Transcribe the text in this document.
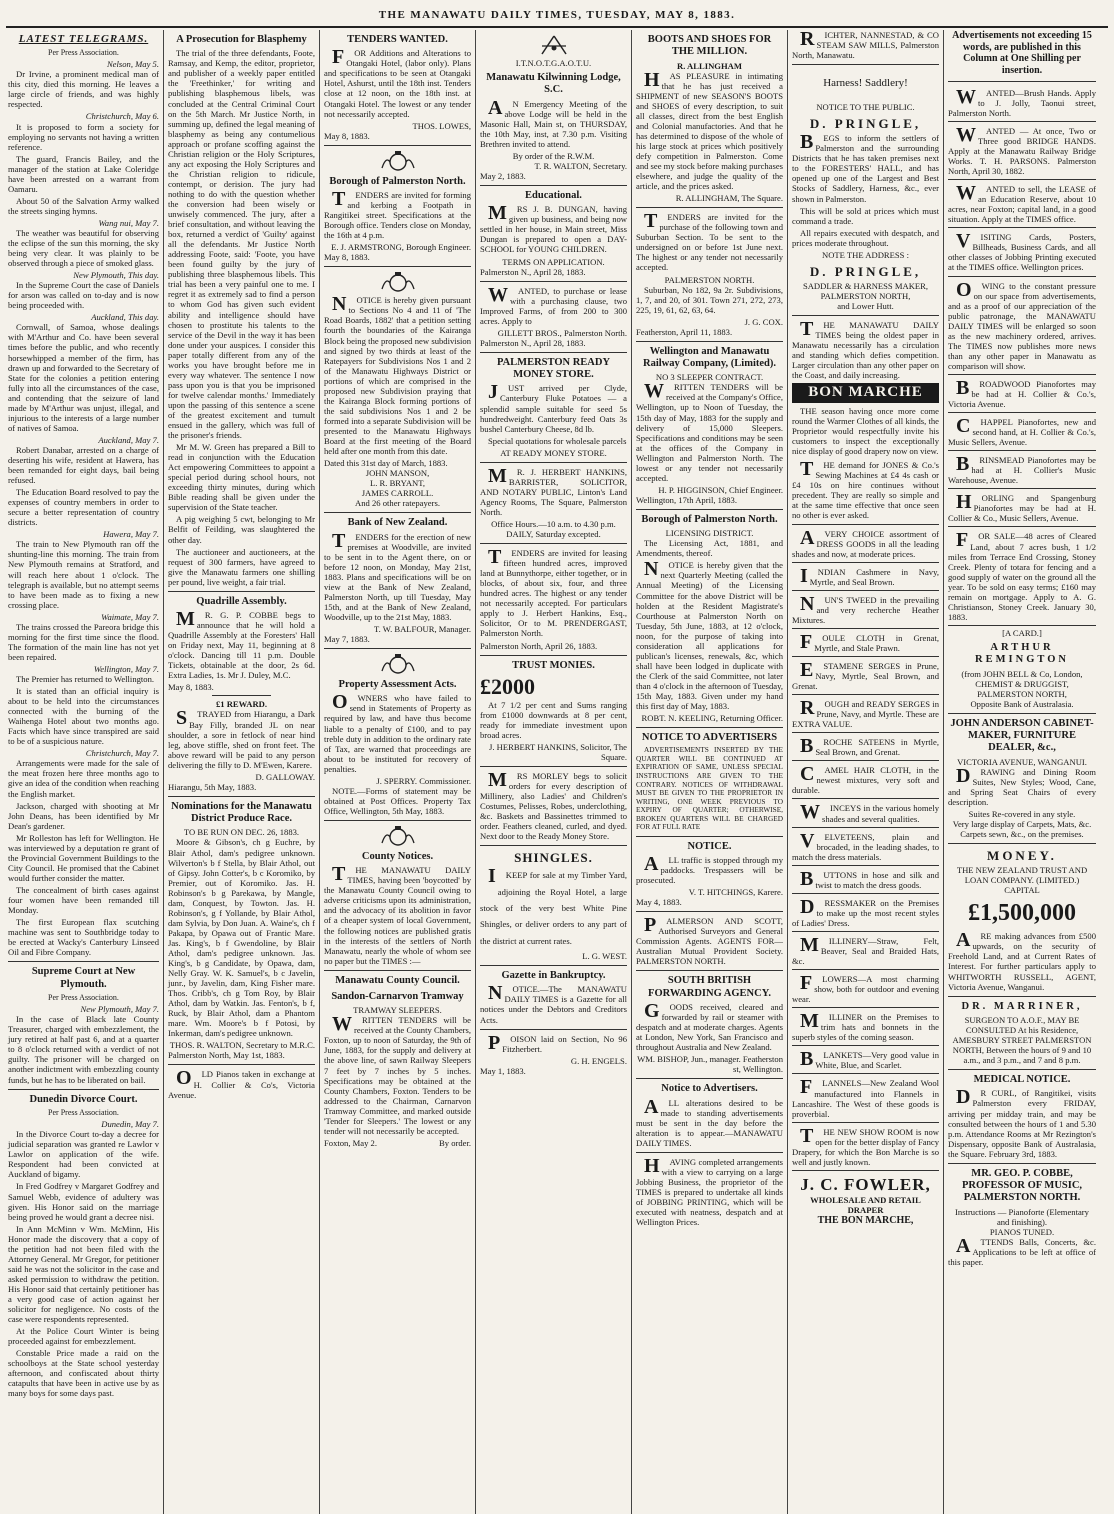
THE MANAWATU DAILY TIMES, TUESDAY, MAY 8, 1883.
LATEST TELEGRAMS.
Per Press Association.
Nelson, May 5.

Dr Irvine, a prominent medical man of this city, died this morning. He leaves a large circle of friends, and was highly respected.

Christchurch, May 6.

It is proposed to form a society for employing no servants not having a written reference.

The guard, Francis Bailey, and the manager of the station at Lake Coleridge have been arrested on a warrant from Oamaru.

About 50 of the Salvation Army walked the streets singing hymns.

Wang nui, May 7.

The weather was beautiful for observing the eclipse of the sun this morning, the sky being very clear. It was plainly to be observed through a piece of smoked glass.

New Plymouth, This day.

In the Supreme Court the case of Daniels for arson was called on to-day and is now being proceeded with.

Auckland, This day.

Cornwall, of Samoa, whose dealings with M'Arthur and Co. have been several times before the public, and who recently horsewhipped a member of the firm, has drawn up and forwarded to the Secretary of State for the colonies a petition entering fully into all the circumstances of the case, and contending that the seizure of land made by M'Arthur was unjust, illegal, and injurious to the interests of a large number of natives of Samoa.

Auckland, May 7.

Robert Danabar, arrested on a charge of deserting his wife, resident at Hawera, has been remanded for eight days, bail being refused.

The Education Board resolved to pay the expenses of country members in order to secure a better representation of country districts.

Hawera, May 7.

The train to New Plymouth ran off the shunting-line this morning. The train from New Plymouth remains at Stratford, and will reach here about 1 o'clock. The telegraph is available, but no attempt seems to have been made as to fixing a new crossing place.

Waimate, May 7.

The trains crossed the Pareora bridge this morning for the first time since the flood. The formation of the main line has not yet been repaired.

Wellington, May 7.

The Premier has returned to Wellington.

It is stated than an official inquiry is about to be held into the circumstances connected with the burning of the Waihenga Hotel about two months ago. Facts which have since transpired are said to be of a suspicious nature.

Christchurch, May 7.

Arrangements were made for the sale of the meat frozen here three months ago to give an idea of the condition when reaching the English market.

Jackson, charged with shooting at Mr John Deans, has been identified by Mr Dean's gardener.

Mr Rolleston has left for Wellington. He was interviewed by a deputation re grant of the Provincial Government Buildings to the City Council. He promised that the Cabinet would further consider the matter.

The concealment of birth cases against four women have been remanded till Monday.

The first European flax scutching machine was sent to Southbridge today to be erected at Wacky's Canterbury Linseed Oil and Fibre Company.

Supreme Court at New Plymouth.
Per Press Association.
New Plymouth, May 7.

In the case of Black late County Treasurer, charged with embezzlement, the jury retired at half past 6, and at a quarter to 8 o'clock returned with a verdict of not guilty. The prisoner will be charged on another indictment with embezzling county funds, but he has to be liberated on bail.

Dunedin Divorce Court.
Per Press Association.
Dunedin, May 7.

In the Divorce Court to-day a decree for judicial separation was granted re Lawlor v Lawlor on application of the wife. Respondent had been convicted at Auckland of bigamy.

In Fred Godfrey v Margaret Godfrey and Samuel Webb, evidence of adultery was given. His Honor said on the marriage being proved he would grant a decree nisi.

In Ann McMinn v Wm. McMinn, His Honor made the discovery that a copy of the petition had not been filed with the Attorney General. Mr Gregor, for petitioner said he was not the solicitor in the case and asked permission to withdraw the petition. His Honor said that certainly petitioner has a very good case of action against her solicitor for negligence. No costs of the case were respondents represented.

At the Police Court Winter is being proceeded against for embezzlement.

Constable Price made a raid on the schoolboys at the State school yesterday afternoon, and confiscated about thirty catapults that have been in active use by as many boys for some days past.

A Prosecution for Blasphemy

The trial of the three defendants, Foote, Ramsay, and Kemp, the editor, proprietor, and publisher of a weekly paper entitled the 'Freethinker,' for writing and publishing blasphemous libels, was concluded at the Central Criminal Court on the 5th March. Mr Justice North, in summing up, defined the legal meaning of blasphemy as being any contumelious approach or profane scoffing against the Christian religion or the Holy Scriptures, any act exposing the Holy Scriptures and the Christian religion to ridicule, contempt, or derision. The jury had nothing to do with the question whether the conversion had been wisely or unwisely commenced. The jury, after a brief consultation, and without leaving the box, returned a verdict of 'Guilty' against all the defendants. Mr Justice North addressing Foote, said: 'Foote, you have been found guilty by the jury of publishing three blasphemous libels. This trial has been a very painful one to me. I regret it as extremely sad to find a person to whom God has given such evident ability and intelligence should have chosen to prostitute his talents to the service of the Devil in the way it has been done under your auspices. I consider this paper totally different from any of the works you have brought before me in every way whatever. The sentence I now pass upon you is that you be imprisoned for twelve calendar months.' Immediately upon the passing of this sentence a scene of the greatest excitement and tumult ensued in the gallery, which was full of the prisoner's friends.

Mr M. W. Green has prepared a Bill to read in conjunction with the Education Act empowering Committees to appoint a special period during school hours, not exceeding thirty minutes, during which Bible reading shall be given under the supervision of the State teacher.

A pig weighing 5 cwt, belonging to Mr Belfit of Feilding, was slaughtered the other day.

The auctioneer and auctioneers, at the request of 300 farmers, have agreed to give the Manawatu farmers one shilling per pound, live weight, a fair trial.

Quadrille Assembly.

MR. G. P. COBBE begs to announce that he will hold a Quadrille Assembly at the Foresters' Hall on Friday next, May 11, beginning at 8 o'clock. Dancing till 11 p.m. Double Tickets, obtainable at the door, 2s 6d. Extra Ladies, 1s. Mr J. Duley, M.C.

May 8, 1883.
£1 REWARD.

STRAYED from Hiarangu, a Dark Bay Filly, branded JL on near shoulder, a sore in fetlock of near hind leg, above stiffle, shed on front feet. The above reward will be paid to any person delivering the filly to D. M'Ewen, Karere.

D. GALLOWAY.
Hiarangu, 5th May, 1883.
Nominations for the Manawatu District Produce Race.
TO BE RUN ON DEC. 26, 1883.

Moore & Gibson's, ch g Euchre, by Blair Athol, dam's pedigree unknown. Wilverton's b f Stella, by Blair Athol, out of Gipsy. John Cotter's, b c Koromiko, by Premier, out of Koromiko. Jas. H. Robinson's b g Parekawa, by Mangle, dam, Conquest, by Towton. Jas. H. Robinson's, g f Yollande, by Blair Athol, dam Sylvia, by Don Juan. A. Waine's, ch f Pakapa, by Opawa out of Frantic Mare. Jas. King's, b f Gwendoline, by Blair Athol, dam's pedigree unknown. Jas. King's, b g Candidate, by Opawa, dam, Nelly Gray. W. K. Samuel's, b c Javelin, junr., by Javelin, dam, King Fisher mare. Thos. Cribb's, ch g Tom Roy, by Blair Athol, dam by Watkin. Jas. Fenton's, b f, Ruck, by Blair Athol, dam a Phantom mare. Wm. Moore's b f Potosi, by Inkerman, dam's pedigree unknown.

THOS. R. WALTON, Secretary to M.R.C.
Palmerston North, May 1st, 1883.

OLD Pianos taken in exchange at H. Collier & Co's, Victoria Avenue.

TENDERS WANTED.

FOR Additions and Alterations to Otangaki Hotel, (labor only). Plans and specifications to be seen at Otangaki Hotel, Ashurst, until the 18th inst. Tenders close at 12 noon, on the 18th inst. at Otangaki Hotel. The lowest or any tender not necessarily accepted.

THOS. LOWES,
May 8, 1883.
Borough of Palmerston North.

TENDERS are invited for forming and kerbing a Footpath in Rangitikei street. Specifications at the Borough office. Tenders close on Monday, the 16th at 4 p.m.

E. J. ARMSTRONG, Borough Engineer.
May 8, 1883.

NOTICE is hereby given pursuant to Sections No 4 and 11 of 'The Road Boards, 1882' that a petition setting fourth the boundaries of the Kairanga Block being the proposed new subdivision and signed by two thirds at least of the Ratepayers for Subdivisions Nos 1 and 2 of the Manawatu Highways District or portions of which are comprised in the proposed new Subdivision praying that the Kairanga Block forming portions of the said subdivisions Nos 1 and 2 be formed into a separate Subdivision will be presented to the Manawatu Highways Board at the first meeting of the Board held after one month from this date.

Dated this 31st day of March, 1883.
JOHN MANSON,
L. R. BRYANT,
JAMES CARROLL.
And 26 other ratepayers.
Bank of New Zealand.

TENDERS for the erection of new premises at Woodville, are invited to be sent in to the Agent there, on or before 12 noon, on Monday, May 21st, 1883. Plans and specifications will be on view at the Bank of New Zealand, Palmerston North, up till Tuesday, May 15th, and at the Bank of New Zealand, Woodville, up to the 21st May, 1883.

T. W. BALFOUR, Manager.
May 7, 1883.
Property Assessment Acts.

OWNERS who have failed to send in Statements of Property as required by law, and have thus become liable to a penalty of £100, and to pay treble duty in addition to the ordinary rate of Tax, are warned that proceedings are about to be instituted for recovery of penalties.

J. SPERRY. Commissioner.

NOTE.—Forms of statement may be obtained at Post Offices. Property Tax Office, Wellington, 5th May, 1883.

County Notices.

THE MANAWATU DAILY TIMES, having been 'boycotted' by the Manawatu County Council owing to adverse criticisms upon its administration, and the advocacy of its abolition in favor of a cheaper system of local Government, the following notices are published gratis in the interests of the settlers of North Manawatu, nearly the whole of whom see no paper but the TIMES :—

Manawatu County Council.
Sandon-Carnarvon Tramway
TRAMWAY SLEEPERS.

WRITTEN TENDERS will be received at the County Chambers, Foxton, up to noon of Saturday, the 9th of June, 1883, for the supply and delivery at the above line, of sawn Railway Sleepers 7 feet by 7 inches by 5 inches. Specifications may be obtained at the County Chambers, Foxton. Tenders to be addressed to the Chairman, Carnarvon Tramway Committee, and marked outside 'Tender for Sleepers.' The lowest or any tender will not necessarily be accepted.

Foxton, May 2.	By order.
I.T.N.O.T.G.A.O.T.U.
Manawatu Kilwinning Lodge, S.C.

AN Emergency Meeting of the above Lodge will be held in the Masonic Hall, Main st, on THURSDAY, the 10th May, inst, at 7.30 p.m. Visiting Brethren invited to attend.

By order of the R.W.M.
T. R. WALTON, Secretary.
May 2, 1883.
Educational.

MRS J. B. DUNGAN, having given up business, and being now settled in her house, in Main street, Miss Dungan is prepared to open a DAY-SCHOOL for YOUNG CHILDREN.

TERMS ON APPLICATION.
Palmerston N., April 28, 1883.

WANTED, to purchase or lease with a purchasing clause, two Improved Farms, of from 200 to 300 acres. Apply to

GILLETT BROS., Palmerston North.
Palmerston N., April 28, 1883.
PALMERSTON READY MONEY STORE.

JUST arrived per Clyde, Canterbury Fluke Potatoes — a splendid sample suitable for seed 5s hundredweight. Canterbury feed Oats 3s bushel Canterbury Cheese, 8d lb.

Special quotations for wholesale parcels

AT READY MONEY STORE.

MR. J. HERBERT HANKINS, BARRISTER, SOLICITOR, AND NOTARY PUBLIC, Linton's Land Agency Rooms, The Square, Palmerston North.

Office Hours.—10 a.m. to 4.30 p.m. DAILY, Saturday excepted.

TENDERS are invited for leasing fifteen hundred acres, improved land at Bunnythorpe, either together, or in blocks, of about six, four, and three hundred acres. The highest or any tender not necessarily accepted. For particulars apply to J. Herbert Hankins, Esq., Solicitor, Or to M. PRENDERGAST, Palmerston North.

Palmerston North, April 26, 1883.
TRUST MONIES.
£2000

At 7 1/2 per cent and Sums ranging from £1000 downwards at 8 per cent, ready for immediate investment upon broad acres.

J. HERBERT HANKINS, Solicitor, The Square.

MRS MORLEY begs to solicit orders for every description of Millinery, also Ladies' and Children's Costumes, Pelisses, Robes, underclothing, &c. Baskets and Bassinettes trimmed to order. Feathers cleaned, curled, and dyed. Next door to the Ready Money Store.

SHINGLES.

IKEEP for sale at my Timber Yard, adjoining the Royal Hotel, a large stock of the very best White Pine Shingles, or deliver orders to any part of the district at current rates.

L. G. WEST.
Gazette in Bankruptcy.

NOTICE.—The MANAWATU DAILY TIMES is a Gazette for all notices under the Debtors and Creditors Acts.

POISON laid on Section, No 96 Fitzherbert.

G. H. ENGELS.
May 1, 1883.
BOOTS AND SHOES FOR THE MILLION.
R. ALLINGHAM

HAS PLEASURE in intimating that he has just received a SHIPMENT of new SEASON'S BOOTS and SHOES of every description, to suit all classes, direct from the best English and Colonial manufactories. And that he has determined to dispose of the whole of his large stock at prices which positively defy competition in Palmerston. Come and see my stock before making purchases elsewhere, and judge the quality of the article, and the prices asked.

R. ALLINGHAM, The Square.

TENDERS are invited for the purchase of the following town and Suburban Section. To be sent to the undersigned on or before 1st June next. The highest or any tender not necessarily accepted.

PALMERSTON NORTH.

Suburban, No 182, 9a 2r. Subdivisions, 1, 7, and 20, of 301. Town 271, 272, 273, 225, 19, 61, 62, 63, 64.

J. G. COX.
Featherston, April 11, 1883.
Wellington and Manawatu Railway Company, (Limited).
NO 3 SLEEPER CONTRACT.

WRITTEN TENDERS will be received at the Company's Office, Wellington, up to Noon of Tuesday, the 15th day of May, 1883 for the supply and delivery of 15,000 Sleepers. Specifications and conditions may be seen at the offices of the Company in Wellington and Palmerston North. The lowest or any tender not necessarily accepted.

H. P. HIGGINSON, Chief Engineer.
Wellington, 17th April, 1883.
Borough of Palmerston North.
LICENSING DISTRICT.

The Licensing Act, 1881, and Amendments, thereof.

NOTICE is hereby given that the next Quarterly Meeting (called the Annual Meeting) of the Licensing Committee for the above District will be holden at the Resident Magistrate's Courthouse at Palmerston North on Tuesday, 5th June, 1883, at 12 o'clock, noon, for the purpose of taking into consideration all applications for publican's licenses, renewals, &c, which shall have been lodged in duplicate with the Clerk of the said Committee, not later than 4 o'clock in the afternoon of Tuesday, 15th May, 1883. Given under my hand this first day of May, 1883.

ROBT. N. KEELING, Returning Officer.
NOTICE TO ADVERTISERS

ADVERTISEMENTS INSERTED BY THE QUARTER WILL BE CONTINUED AT EXPIRATION OF SAME, UNLESS SPECIAL INSTRUCTIONS ARE GIVEN TO THE CONTRARY. NOTICES OF WITHDRAWAL MUST BE GIVEN TO THE PROPRIETOR IN WRITING, ONE WEEK PREVIOUS TO EXPIRY OF QUARTER; OTHERWISE, BROKEN QUARTERS WILL BE CHARGED FOR AT FULL RATE

NOTICE.

ALL traffic is stopped through my paddocks. Trespassers will be prosecuted.

V. T. HITCHINGS, Karere.
May 4, 1883.

PALMERSON AND SCOTT, Authorised Surveyors and General Commission Agents. AGENTS FOR—Australian Mutual Provident Society. PALMERSTON NORTH.

SOUTH BRITISH FORWARDING AGENCY.

GOODS received, cleared and forwarded by rail or steamer with despatch and at moderate charges. Agents at London, New York, San Francisco and throughout Australia and New Zealand.

WM. BISHOP, Jun., manager. Featherston st, Wellington.
Notice to Advertisers.

ALL alterations desired to be made to standing advertisements must be sent in the day before the alteration is to appear.—MANAWATU DAILY TIMES.

HAVING completed arrangements with a view to carrying on a large Jobbing Business, the proprietor of the TIMES is prepared to undertake all kinds of JOBBING PRINTING, which will be executed with neatness, despatch and at Wellington Prices.

RICHTER, NANNESTAD, & CO STEAM SAW MILLS, Palmerston North, Manawatu.

Harness! Saddlery!
NOTICE TO THE PUBLIC.
D. PRINGLE,

BEGS to inform the settlers of Palmerston and the surrounding Districts that he has taken premises next to the FORESTERS' HALL, and has opened up one of the Largest and Best Stocks of Saddlery, Harness, &c., ever shown in Palmerston.

This will be sold at prices which must command a trade.

All repairs executed with despatch, and prices moderate throughout.

NOTE THE ADDRESS :
D. PRINGLE,
SADDLER & HARNESS MAKER,
PALMERSTON NORTH,
and Lower Hutt.

THE MANAWATU DAILY TIMES being the oldest paper in Manawatu necessarily has a circulation and standing which defies competition. Larger circulation than any other paper on the Coast, and daily increasing.

BON MARCHE

THE season having once more come round the Warmer Clothes of all kinds, the Proprietor would respectfully invite his customers to inspect the exceptionally nice display of good drapery now on view.

THE demand for JONES & Co.'s Sewing Machines at £4 4s cash or £4 10s on hire continues without precedent. They are really so simple and at the same time effective that once seen no other is ever asked.

AVERY CHOICE assortment of DRESS GOODS in all the leading shades and now, at moderate prices.

INDIAN Cashmere in Navy, Myrtle, and Seal Brown.

NUN'S TWEED in the prevailing and very recherche Heather Mixtures.

FOULE CLOTH in Grenat, Myrtle, and Stale Prawn.

ESTAMENE SERGES in Prune, Navy, Myrtle, Seal Brown, and Grenat.

ROUGH and READY SERGES in Prune, Navy, and Myrtle. These are EXTRA VALUE.

BROCHE SATEENS in Myrtle, Seal Brown, and Grenat.

CAMEL HAIR CLOTH, in the newest mixtures, very soft and durable.

WINCEYS in the various homely shades and several qualities.

VELVETEENS, plain and brocaded, in the leading shades, to match the dress materials.

BUTTONS in hose and silk and twist to match the dress goods.

DRESSMAKER on the Premises to make up the most recent styles of Ladies' Dress.

MILLINERY—Straw, Felt, Beaver, Seal and Braided Hats, &c.

FLOWERS—A most charming show, both for outdoor and evening wear.

MILLINER on the Premises to trim hats and bonnets in the superb styles of the coming season.

BLANKETS—Very good value in White, Blue, and Scarlet.

FLANNELS—New Zealand Wool manufactured into Flannels in Lancashire. The West of these goods is proverbial.

THE NEW SHOW ROOM is now open for the better display of Fancy Drapery, for which the Bon Marche is so well and justly known.

J. C. FOWLER,
WHOLESALE AND RETAIL DRAPER
THE BON MARCHE,
Advertisements not exceeding 15 words, are published in this Column at One Shilling per insertion.

WANTED—Brush Hands. Apply to J. Jolly, Taonui street, Palmerston North.

WANTED — At once, Two or Three good BRIDGE HANDS. Apply at the Manawatu Railway Bridge Works. T. H. PARSONS. Palmerston North, April 30, 1882.

WANTED to sell, the LEASE of an Education Reserve, about 10 acres, near Foxton; capital land, in a good situation. Apply at the TIMES office.

VISITING Cards, Posters, Billheads, Business Cards, and all other classes of Jobbing Printing executed at the TIMES office. Wellington prices.

OWING to the constant pressure on our space from advertisements, and as a proof of our appreciation of the public patronage, the MANAWATU DAILY TIMES will be enlarged so soon as the new machinery ordered, arrives. The TIMES now publishes more news than any other paper in Manawatu as comparison will show.

BROADWOOD Pianofortes may be had at H. Collier & Co.'s, Victoria Avenue.

CHAPPEL Pianofortes, new and second hand, at H. Collier & Co.'s, Music Sellers, Avenue.

BRINSMEAD Pianofortes may be had at H. Collier's Music Warehouse, Avenue.

HORLING and Spangenburg Pianofortes may be had at H. Collier & Co., Music Sellers, Avenue.

FOR SALE—48 acres of Cleared Land, about 7 acres bush, 1 1/2 miles from Terrace End Crossing, Stoney Creek. Plenty of totara for fencing and a good supply of water on the ground all the year. To be sold on easy terms; £160 may remain on mortgage. Apply to A. G. Christianson, Stoney Creek. January 30, 1883.

[A CARD.]
ARTHUR REMINGTON
(from JOHN BELL & Co, London, CHEMIST & DRUGGIST,
PALMERSTON NORTH,
Opposite Bank of Australasia.
JOHN ANDERSON CABINET-MAKER, FURNITURE DEALER, &c.,
VICTORIA AVENUE, WANGANUI.

DRAWING and Dining Room Suites, New Styles; Wood, Cane, and Spring Seat Chairs of every description.

Suites Re-covered in any style.
Very large display of Carpets, Mats, &c.
Carpets sewn, &c., on the premises.
MONEY.
THE NEW ZEALAND TRUST AND LOAN COMPANY. (LIMITED.)
CAPITAL
£1,500,000

ARE making advances from £500 upwards, on the security of Freehold Land, and at Current Rates of Interest. For further particulars apply to WHITWORTH RUSSELL, AGENT, Victoria Avenue, Wanganui.

DR. MARRINER,
SURGEON TO A.O.F., MAY BE CONSULTED At his Residence, AMESBURY STREET PALMERSTON NORTH, Between the hours of 9 and 10 a.m., and 3 p.m., and 7 and 8 p.m.
MEDICAL NOTICE.

DR CURL, of Rangitikei, visits Palmerston every FRIDAY, arriving per midday train, and may be consulted between the hours of 1 and 5.30 p.m. Attendance Rooms at Mr Rezington's Dispensary, opposite Bank of Australasia, the Square. February 3rd, 1883.

MR. GEO. P. COBBE, PROFESSOR OF MUSIC, PALMERSTON NORTH.
Instructions — Pianoforte (Elementary and finishing).
PIANOS TUNED.

ATTENDS Balls, Concerts, &c. Applications to be left at office of this paper.
